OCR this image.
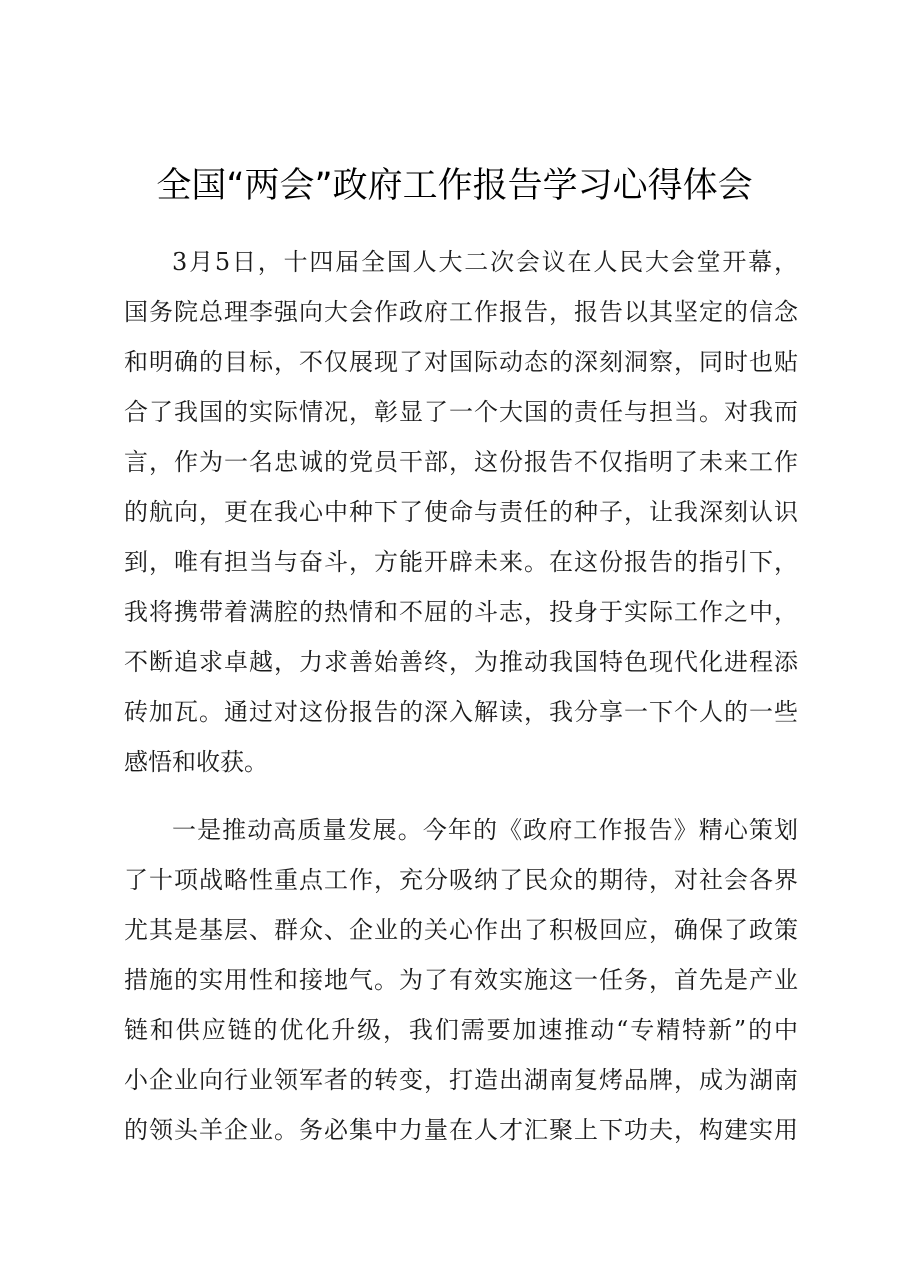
全国“两会”政府工作报告学习心得体会
3月5日，十四届全国人大二次会议在人民大会堂开幕，
国务院总理李强向大会作政府工作报告，报告以其坚定的信念
和明确的目标，不仅展现了对国际动态的深刻洞察，同时也贴
合了我国的实际情况，彰显了一个大国的责任与担当。对我而
言，作为一名忠诚的党员干部，这份报告不仅指明了未来工作
的航向，更在我心中种下了使命与责任的种子，让我深刻认识
到，唯有担当与奋斗，方能开辟未来。在这份报告的指引下，
我将携带着满腔的热情和不屈的斗志，投身于实际工作之中，
不断追求卓越，力求善始善终，为推动我国特色现代化进程添
砖加瓦。通过对这份报告的深入解读，我分享一下个人的一些
感悟和收获。
一是推动高质量发展。今年的《政府工作报告》精心策划
了十项战略性重点工作，充分吸纳了民众的期待，对社会各界
尤其是基层、群众、企业的关心作出了积极回应，确保了政策
措施的实用性和接地气。为了有效实施这一任务，首先是产业
链和供应链的优化升级，我们需要加速推动“专精特新”的中
小企业向行业领军者的转变，打造出湖南复烤品牌，成为湖南
的领头羊企业。务必集中力量在人才汇聚上下功夫，构建实用
